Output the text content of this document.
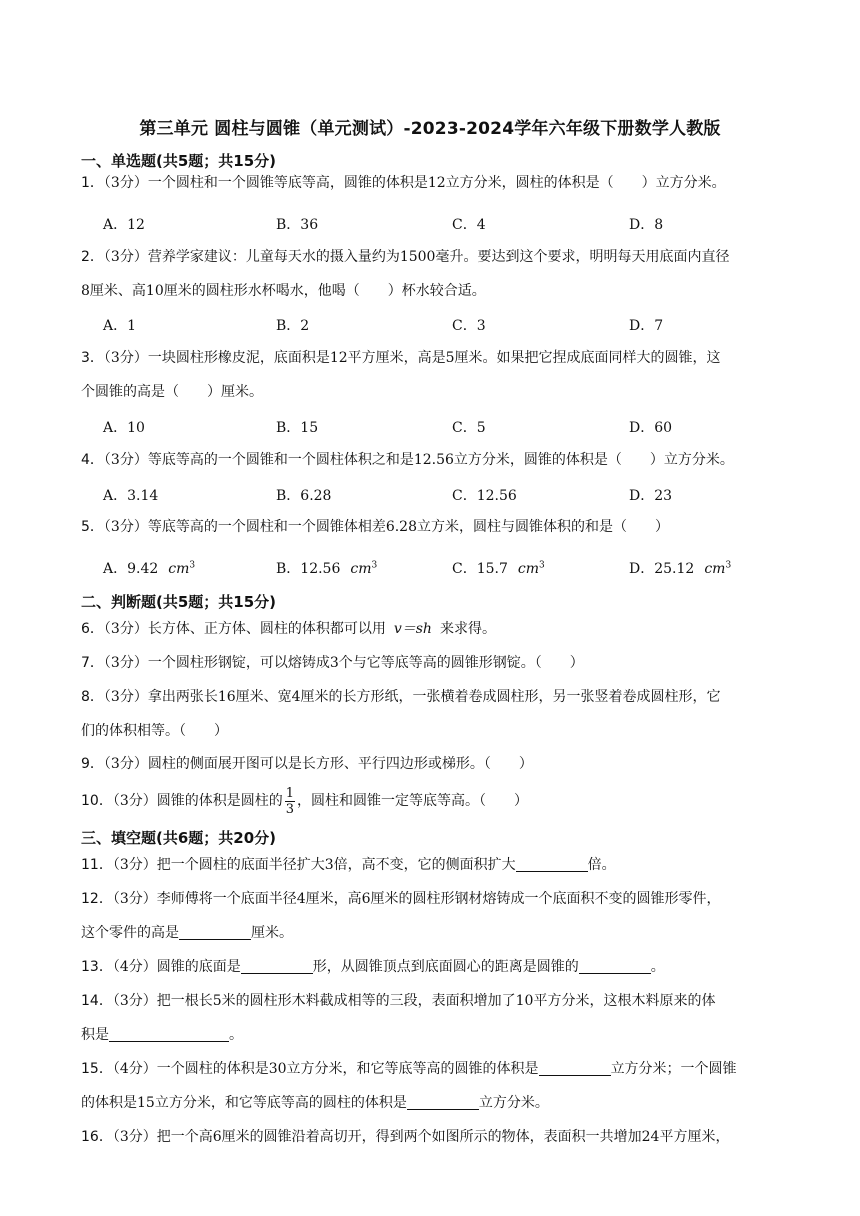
第三单元 圆柱与圆锥（单元测试）-2023-2024学年六年级下册数学人教版
一、单选题(共5题；共15分)
1．（3分）一个圆柱和一个圆锥等底等高，圆锥的体积是12立方分米，圆柱的体积是（　　）立方分米。
A．12	B．36	C．4	D．8
2．（3分）营养学家建议：儿童每天水的摄入量约为1500毫升。要达到这个要求，明明每天用底面内直径
8厘米、高10厘米的圆柱形水杯喝水，他喝（　　）杯水较合适。
A．1	B．2	C．3	D．7
3．（3分）一块圆柱形橡皮泥，底面积是12平方厘米，高是5厘米。如果把它捏成底面同样大的圆锥，这
个圆锥的高是（　　）厘米。
A．10	B．15	C．5	D．60
4．（3分）等底等高的一个圆锥和一个圆柱体积之和是12.56立方分米，圆锥的体积是（　　）立方分米。
A．3.14	B．6.28	C．12.56	D．23
5．（3分）等底等高的一个圆柱和一个圆锥体相差6.28立方米，圆柱与圆锥体积的和是（　　）
A．9.42 $cm^3$	B．12.56 $cm^3$	C．15.7 $cm^3$	D．25.12 $cm^3$
二、判断题(共5题；共15分)
6．（3分）长方体、正方体、圆柱的体积都可以用 v＝sh 来求得。
7．（3分）一个圆柱形钢锭，可以熔铸成3个与它等底等高的圆锥形钢锭。（　　）
8．（3分）拿出两张长16厘米、宽4厘米的长方形纸，一张横着卷成圆柱形，另一张竖着卷成圆柱形，它
们的体积相等。（　　）
9．（3分）圆柱的侧面展开图可以是长方形、平行四边形或梯形。（　　）
10．（3分）圆锥的体积是圆柱的 $\frac{1}{3}$ ，圆柱和圆锥一定等底等高。（　　）
三、填空题(共6题；共20分)
11．（3分）把一个圆柱的底面半径扩大3倍，高不变，它的侧面积扩大	倍。
12．（3分）李师傅将一个底面半径4厘米，高6厘米的圆柱形钢材熔铸成一个底面积不变的圆锥形零件，
这个零件的高是	厘米。
13．（4分）圆锥的底面是	形，从圆锥顶点到底面圆心的距离是圆锥的	。
14．（3分）把一根长5米的圆柱形木料截成相等的三段，表面积增加了10平方分米，这根木料原来的体
积是	。
15．（4分）一个圆柱的体积是30立方分米，和它等底等高的圆锥的体积是	立方分米；一个圆锥
的体积是15立方分米，和它等底等高的圆柱的体积是	立方分米。
16．（3分）把一个高6厘米的圆锥沿着高切开，得到两个如图所示的物体，表面积一共增加24平方厘米，
